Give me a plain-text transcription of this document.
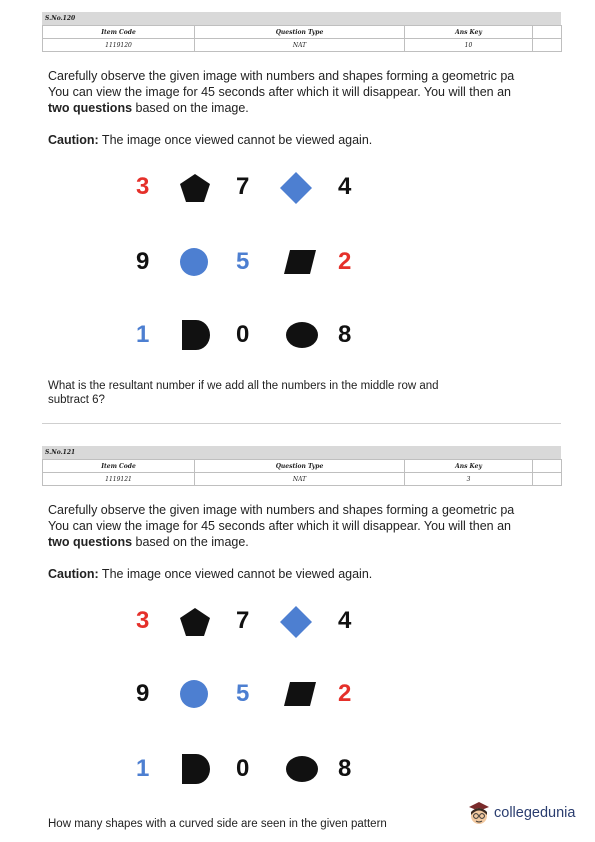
S.No.120
Item Code	Question Type	Ans Key	
1119120	NAT	10	

Carefully observe the given image with numbers and shapes forming a geometric pa

You can view the image for 45 seconds after which it will disappear. You will then an

two questions based on the image.

Caution: The image once viewed cannot be viewed again.
3	7	4
9	5	2
1	0	8
What is the resultant number if we add all the numbers in the middle row and subtract 6?
S.No.121
Item Code	Question Type	Ans Key	
1119121	NAT	3	

Carefully observe the given image with numbers and shapes forming a geometric pa

You can view the image for 45 seconds after which it will disappear. You will then an

two questions based on the image.

Caution: The image once viewed cannot be viewed again.
3	7	4
9	5	2
1	0	8
How many shapes with a curved side are seen in the given pattern
collegedunia
